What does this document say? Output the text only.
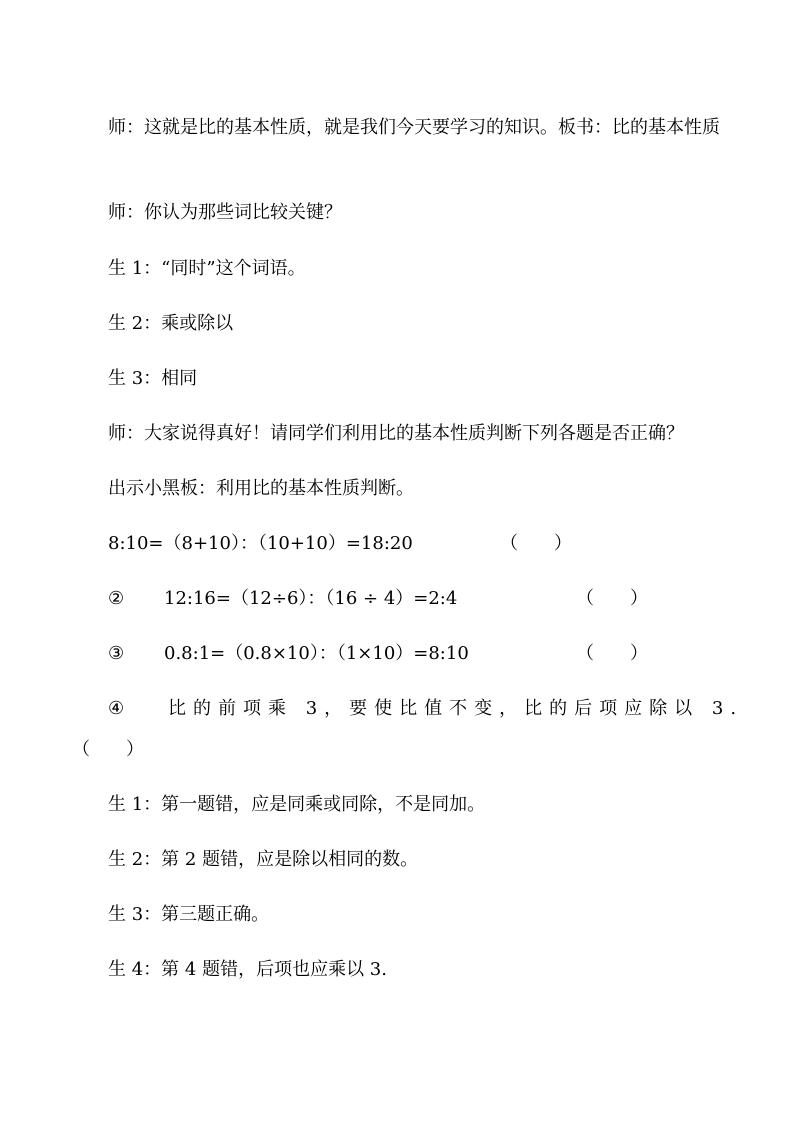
师：这就是比的基本性质，就是我们今天要学习的知识。板书：比的基本性质
师：你认为那些词比较关键？
生 1：“同时”这个词语。
生 2：乘或除以
生 3：相同
师：大家说得真好！请同学们利用比的基本性质判断下列各题是否正确？
出示小黑板：利用比的基本性质判断。
8:10=（8+10）：（10+10）=18:20	（　　）
② 12:16=（12÷6）：（16 ÷ 4）=2:4	（　　）
③ 0.8:1=（0.8×10）：（1×10）=8:10	（　　）
④ 比的前项乘 3，要使比值不变，比的后项应除以 3.
（　　）
生 1：第一题错，应是同乘或同除，不是同加。
生 2：第 2 题错，应是除以相同的数。
生 3：第三题正确。
生 4：第 4 题错，后项也应乘以 3.
